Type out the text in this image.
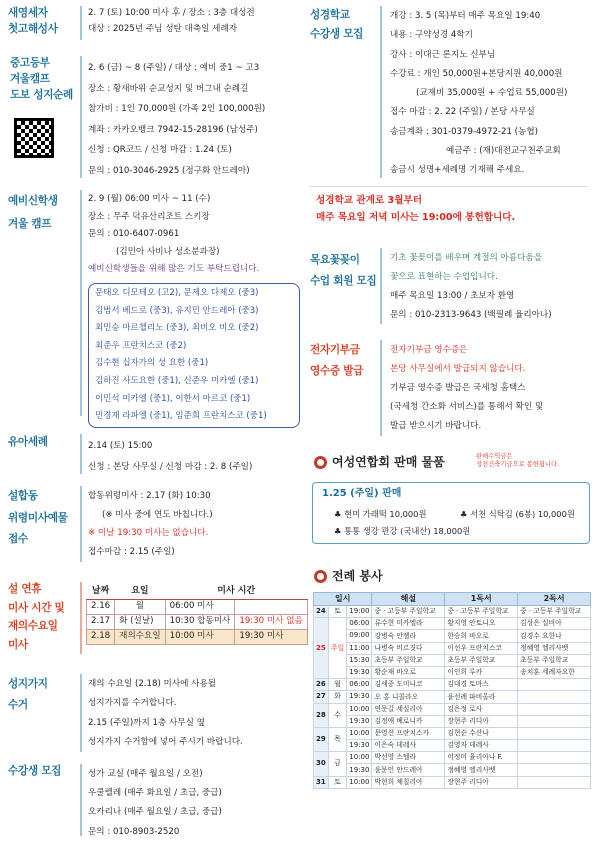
새영세자
첫고해성사
2. 7 (토) 10:00 미사 후 / 장소 : 3층 대성전
대상 : 2025년 주님 성탄 대축일 세례자
중고등부
겨울캠프
도보 성지순례
2. 6 (금) ~ 8 (주일) / 대상 : 예비 중1 ~ 고3
장소 : 황새바위 순교성지 및 버그내 순례길
참가비 : 1인 70,000원 (가족 2인 100,000원)
계좌 : 카카오뱅크 7942-15-28196 (남성주)
신청 : QR코드 / 신청 마감 : 1.24 (토)
문의 : 010-3046-2925 (정구화 안드레아)
예비신학생
겨울 캠프
2. 9 (월) 06:00 미사 ~ 11 (수)
장소 : 무주 덕유산리조트 스키장
문의 : 010-6407-0961
(김민아 사비나 성소분과장)
예비신학생들을 위해 많은 기도 부탁드립니다.
문태오 디모테오 (고2), 문제오 다제오 (중3)
김범서 베드로 (중3), 유지민 안드레아 (중3)
최민승 마르첼리노 (중3), 최비오 비오 (중2)
최준우 프란치스코 (중2)
김수현 십자가의 성 요한 (중1)
김하진 사도요한 (중1), 신준우 미카엘 (중1)
이민석 미카엘 (중1), 이한서 마르코 (중1)
민경재 라파엘 (중1), 임준희 프란치스코 (중1)
유아세례	2.14 (토) 15:00
신청 : 본당 사무실 / 신청 마감 : 2. 8 (주일)
설합동
위령미사예물
접수
합동위령미사 : 2.17 (화) 10:30
(※ 미사 중에 연도 바칩니다.)
※ 이날 19:30 미사는 없습니다.
접수마감 : 2.15 (주일)
설 연휴
미사 시간 및
재의수요일
미사
날짜	요일	미사 시간	
2.16	월	06:00 미사	
2.17	화 (설날)	10:30 합동미사	19:30 미사 없음
2.18	재의수요일	10:00 미사	19:30 미사
성지가지
수거
재의 수요일 (2.18) 미사에 사용될
성지가지를 수거합니다.
2.15 (주일)까지 1층 사무실 옆
성지가지 수거함에 넣어 주시기 바랍니다.
수강생 모집	성가 교실 (매주 월요일 / 오전)
우쿨렐레 (매주 화요일 / 초급, 중급)
오카리나 (매주 월요일 / 초급, 중급)
문의 : 010-8903-2520
성경학교
수강생 모집
개강 : 3. 5 (목)부터 매주 목요일 19:40
내용 : 구약성경 4학기
강사 : 이대근 론지노 신부님
수강료 : 개인 50,000원+본당지원 40,000원
(교재비 35,000원 + 수업료 55,000원)
접수 마감 : 2. 22 (주일) / 본당 사무실
송금계좌 : 301-0379-4972-21 (농협)
예금주 : (재)대전교구천주교회
송금시 성명+세례명 기재해 주세요.
성경학교 관계로 3월부터
매주 목요일 저녁 미사는 19:00에 봉헌합니다.
목요꽃꽂이
수업 회원 모집
기초 꽃꽂이를 배우며 계절의 아름다움을
꽃으로 표현하는 수업입니다.
매주 목요일 13:00 / 초보자 환영
문의 : 010-2313-9643 (백필례 율리아나)
전자기부금
영수증 발급
전자기부금 영수증은
본당 사무실에서 발급되지 않습니다.
기부금 영수증 발급은 국세청 홈택스
(국세청 간소화 서비스)를 통해서 확인 및
발급 받으시기 바랍니다.
여성연합회 판매 물품	판매수익금은
성전건축기금으로 봉헌됩니다.
1.25 (주일) 판매
♣ 현미 가래떡 10,000원	♣ 서천 식탁김 (6봉) 10,000원
♣ 통통 생강 편강 (국내산) 18,000원
전례 봉사
일시			해설	1독서	2독서
24	토	19:00	중 · 고등부 주일학교	중 · 고등부 주일학교	중 · 고등부 주일학교
25	주일	06:00	류수현 미카엘라	황지영 안토니오	김상은 실비아
		09:00	강병숙 안젤라	한승희 바오로	김경수 요한나
		11:00	나병숙 비르짓다	이선우 프란치스코	정혜영 엘리사벳
		15:30	초등부 주일학교	초등부 주일학교	초등부 주일학교
		19:30	황순재 바오로	이인희 루카	송치훈 세례자요한
26	월	06:00	김세중 도미니코	김대경 토마스	
27	화	19:30	오 홍 니콜라오	윤선례 파비올라	
28	수	10:00	연문길 세실리아	김은정 로사	
		19:30	김정애 베로니카	장현주 리디아	
29	목	10:00	문영선 프란치스카	김현순 수산나	
		19:30	이은숙 데레사	김영자 데레사	
30	금	10:00	박선영 스텔라	이정미 율리아나 F.	
		19:30	윤문인 안드레아	정혜영 엘리사벳	
31	토	10:00	박현희 체칠리아	장현주 리디아	
